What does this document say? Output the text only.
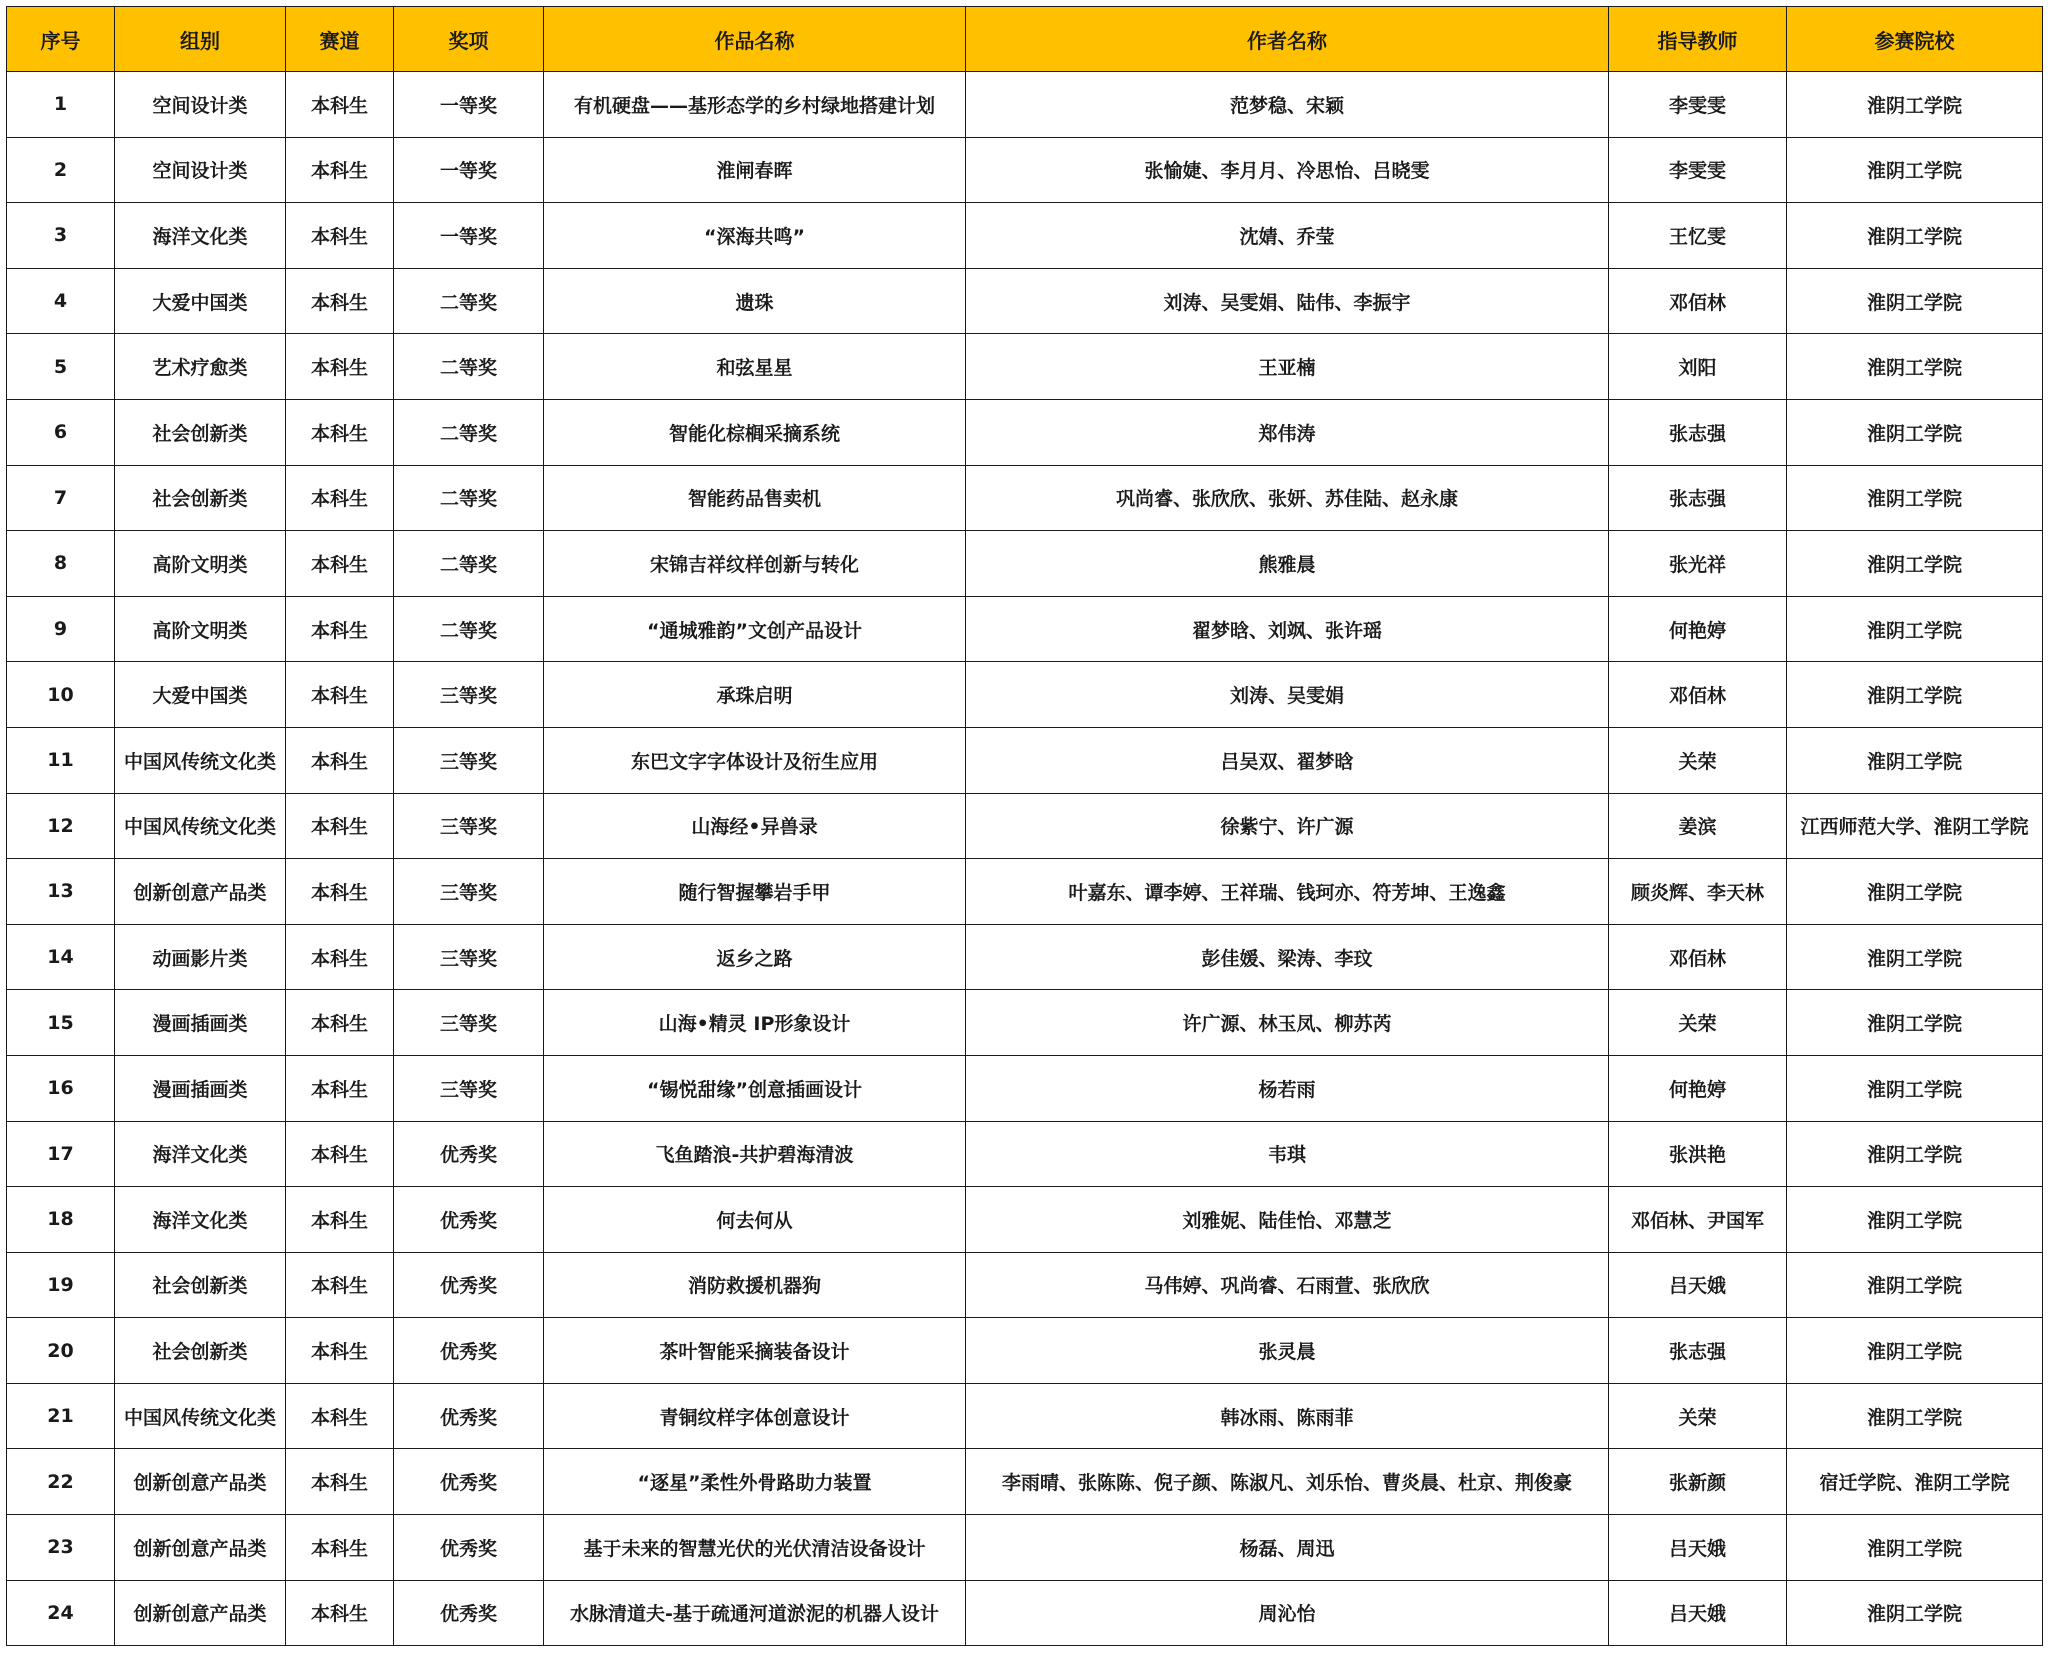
序号	组别	赛道	奖项	作品名称	作者名称	指导教师	参赛院校
1	空间设计类	本科生	一等奖	有机硬盘——基形态学的乡村绿地搭建计划	范梦稳、宋颖	李雯雯	淮阴工学院
2	空间设计类	本科生	一等奖	淮闸春晖	张愉婕、李月月、冷思怡、吕晓雯	李雯雯	淮阴工学院
3	海洋文化类	本科生	一等奖	“深海共鸣”	沈婧、乔莹	王忆雯	淮阴工学院
4	大爱中国类	本科生	二等奖	遗珠	刘涛、吴雯娟、陆伟、李振宇	邓佰林	淮阴工学院
5	艺术疗愈类	本科生	二等奖	和弦星星	王亚楠	刘阳	淮阴工学院
6	社会创新类	本科生	二等奖	智能化棕榈采摘系统	郑伟涛	张志强	淮阴工学院
7	社会创新类	本科生	二等奖	智能药品售卖机	巩尚睿、张欣欣、张妍、苏佳陆、赵永康	张志强	淮阴工学院
8	高阶文明类	本科生	二等奖	宋锦吉祥纹样创新与转化	熊雅晨	张光祥	淮阴工学院
9	高阶文明类	本科生	二等奖	“通城雅韵”文创产品设计	翟梦晗、刘飒、张许瑶	何艳婷	淮阴工学院
10	大爱中国类	本科生	三等奖	承珠启明	刘涛、吴雯娟	邓佰林	淮阴工学院
11	中国风传统文化类	本科生	三等奖	东巴文字字体设计及衍生应用	吕吴双、翟梦晗	关荣	淮阴工学院
12	中国风传统文化类	本科生	三等奖	山海经•异兽录	徐紫宁、许广源	姜滨	江西师范大学、淮阴工学院
13	创新创意产品类	本科生	三等奖	随行智握攀岩手甲	叶嘉东、谭李婷、王祥瑞、钱珂亦、符芳坤、王逸鑫	顾炎辉、李天林	淮阴工学院
14	动画影片类	本科生	三等奖	返乡之路	彭佳媛、梁涛、李玟	邓佰林	淮阴工学院
15	漫画插画类	本科生	三等奖	山海•精灵 IP形象设计	许广源、林玉凤、柳苏芮	关荣	淮阴工学院
16	漫画插画类	本科生	三等奖	“锡悦甜缘”创意插画设计	杨若雨	何艳婷	淮阴工学院
17	海洋文化类	本科生	优秀奖	飞鱼踏浪-共护碧海清波	韦琪	张洪艳	淮阴工学院
18	海洋文化类	本科生	优秀奖	何去何从	刘雅妮、陆佳怡、邓慧芝	邓佰林、尹国军	淮阴工学院
19	社会创新类	本科生	优秀奖	消防救援机器狗	马伟婷、巩尚睿、石雨萱、张欣欣	吕天娥	淮阴工学院
20	社会创新类	本科生	优秀奖	茶叶智能采摘装备设计	张灵晨	张志强	淮阴工学院
21	中国风传统文化类	本科生	优秀奖	青铜纹样字体创意设计	韩冰雨、陈雨菲	关荣	淮阴工学院
22	创新创意产品类	本科生	优秀奖	“逐星”柔性外骨路助力装置	李雨晴、张陈陈、倪子颜、陈淑凡、刘乐怡、曹炎晨、杜京、荆俊豪	张新颜	宿迁学院、淮阴工学院
23	创新创意产品类	本科生	优秀奖	基于未来的智慧光伏的光伏清洁设备设计	杨磊、周迅	吕天娥	淮阴工学院
24	创新创意产品类	本科生	优秀奖	水脉清道夫-基于疏通河道淤泥的机器人设计	周沁怡	吕天娥	淮阴工学院
